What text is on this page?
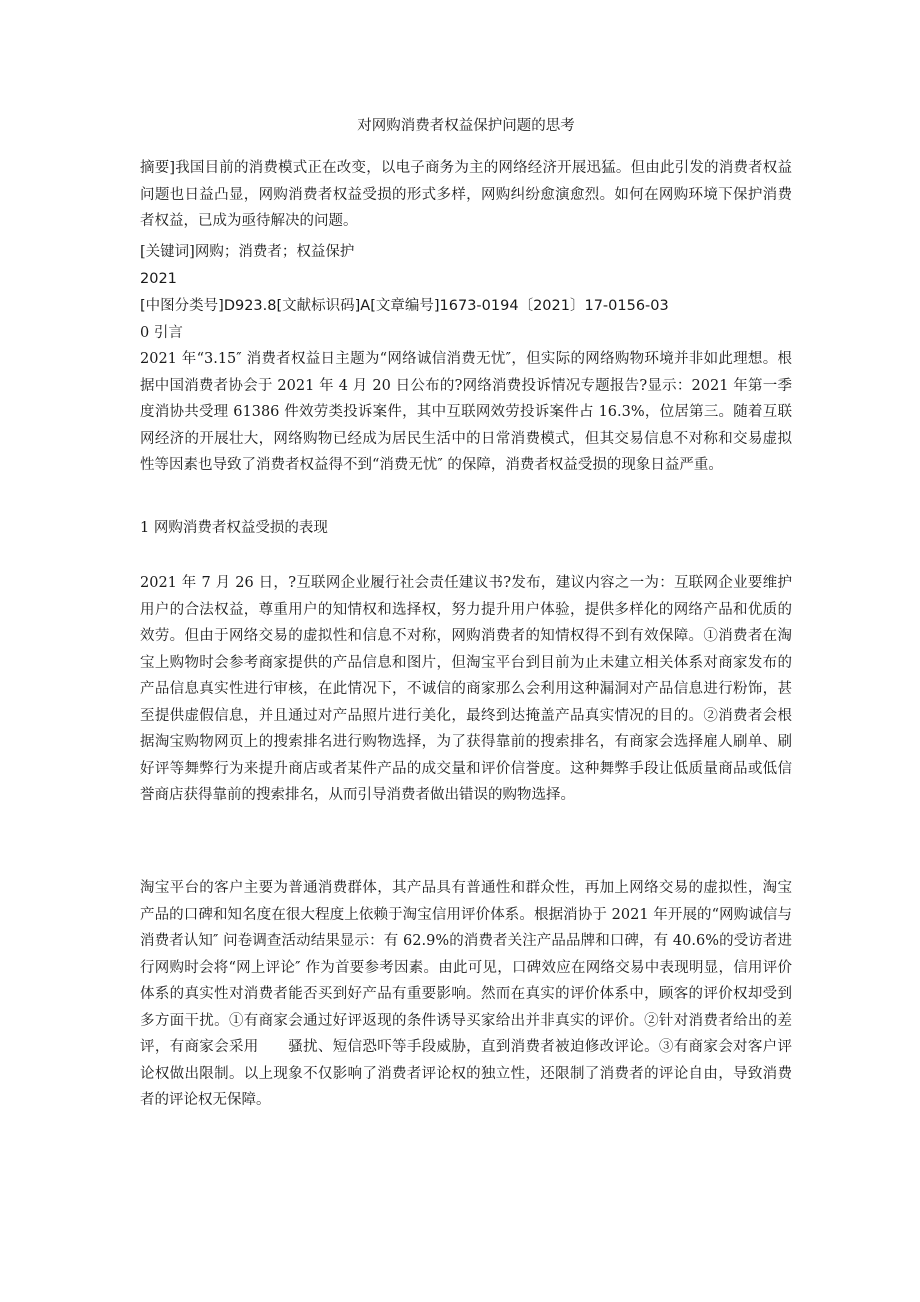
对网购消费者权益保护问题的思考

摘要]我国目前的消费模式正在改变，以电子商务为主的网络经济开展迅猛。但由此引发的消费者权益问题也日益凸显，网购消费者权益受损的形式多样，网购纠纷愈演愈烈。如何在网购环境下保护消费者权益，已成为亟待解决的问题。

[关键词]网购；消费者；权益保护

2021

[中图分类号]D923.8[文献标识码]A[文章编号]1673-0194〔2021〕17-0156-03

0 引言

2021 年“3.15″ 消费者权益日主题为“网络诚信消费无忧″，但实际的网络购物环境并非如此理想。根据中国消费者协会于 2021 年 4 月 20 日公布的?网络消费投诉情况专题报告?显示：2021 年第一季度消协共受理 61386 件效劳类投诉案件，其中互联网效劳投诉案件占 16.3%，位居第三。随着互联网经济的开展壮大，网络购物已经成为居民生活中的日常消费模式，但其交易信息不对称和交易虚拟性等因素也导致了消费者权益得不到“消费无忧″ 的保障，消费者权益受损的现象日益严重。

1 网购消费者权益受损的表现

2021 年 7 月 26 日，?互联网企业履行社会责任建议书?发布，建议内容之一为：互联网企业要维护用户的合法权益，尊重用户的知情权和选择权，努力提升用户体验，提供多样化的网络产品和优质的效劳。但由于网络交易的虚拟性和信息不对称，网购消费者的知情权得不到有效保障。①消费者在淘宝上购物时会参考商家提供的产品信息和图片，但淘宝平台到目前为止未建立相关体系对商家发布的产品信息真实性进行审核，在此情况下，不诚信的商家那么会利用这种漏洞对产品信息进行粉饰，甚至提供虚假信息，并且通过对产品照片进行美化，最终到达掩盖产品真实情况的目的。②消费者会根据淘宝购物网页上的搜索排名进行购物选择，为了获得靠前的搜索排名，有商家会选择雇人刷单、刷好评等舞弊行为来提升商店或者某件产品的成交量和评价信誉度。这种舞弊手段让低质量商品或低信誉商店获得靠前的搜索排名，从而引导消费者做出错误的购物选择。

淘宝平台的客户主要为普通消费群体，其产品具有普通性和群众性，再加上网络交易的虚拟性，淘宝产品的口碑和知名度在很大程度上依赖于淘宝信用评价体系。根据消协于 2021 年开展的“网购诚信与消费者认知″ 问卷调查活动结果显示：有 62.9%的消费者关注产品品牌和口碑，有 40.6%的受访者进行网购时会将“网上评论″ 作为首要参考因素。由此可见，口碑效应在网络交易中表现明显，信用评价体系的真实性对消费者能否买到好产品有重要影响。然而在真实的评价体系中，顾客的评价权却受到多方面干扰。①有商家会通过好评返现的条件诱导买家给出并非真实的评价。②针对消费者给出的差评，有商家会采用　　骚扰、短信恐吓等手段威胁，直到消费者被迫修改评论。③有商家会对客户评论权做出限制。以上现象不仅影响了消费者评论权的独立性，还限制了消费者的评论自由，导致消费者的评论权无保障。
